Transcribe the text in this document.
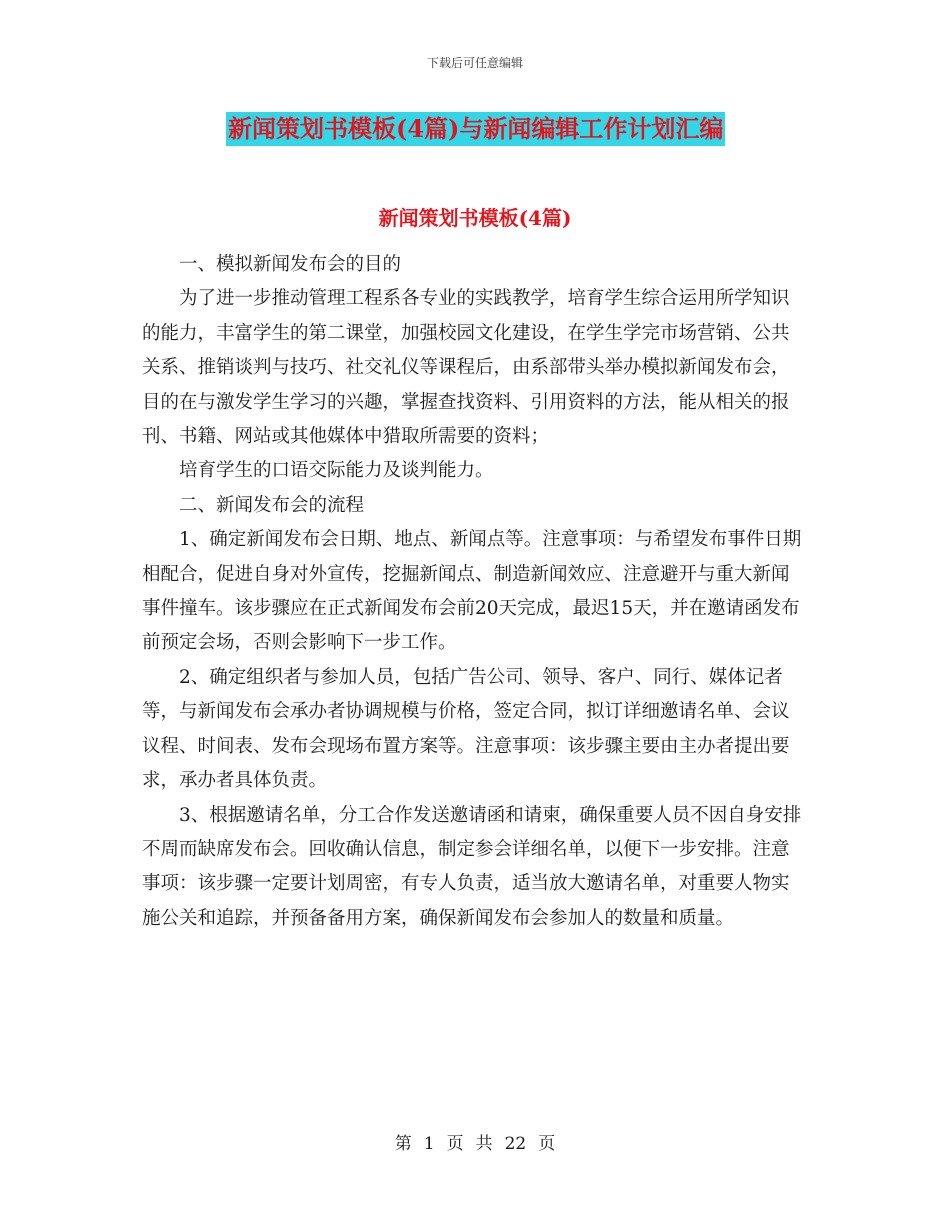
下载后可任意编辑
新闻策划书模板(4篇)与新闻编辑工作计划汇编
新闻策划书模板(4篇)

一、模拟新闻发布会的目的

为了进一步推动管理工程系各专业的实践教学，培育学生综合运用所学知识的能力，丰富学生的第二课堂，加强校园文化建设，在学生学完市场营销、公共关系、推销谈判与技巧、社交礼仪等课程后，由系部带头举办模拟新闻发布会，目的在与激发学生学习的兴趣，掌握查找资料、引用资料的方法，能从相关的报刊、书籍、网站或其他媒体中猎取所需要的资料；

培育学生的口语交际能力及谈判能力。

二、新闻发布会的流程

1、确定新闻发布会日期、地点、新闻点等。注意事项：与希望发布事件日期相配合，促进自身对外宣传，挖掘新闻点、制造新闻效应、注意避开与重大新闻事件撞车。该步骤应在正式新闻发布会前20天完成，最迟15天，并在邀请函发布前预定会场，否则会影响下一步工作。

2、确定组织者与参加人员，包括广告公司、领导、客户、同行、媒体记者等，与新闻发布会承办者协调规模与价格，签定合同，拟订详细邀请名单、会议议程、时间表、发布会现场布置方案等。注意事项：该步骤主要由主办者提出要求，承办者具体负责。

3、根据邀请名单，分工合作发送邀请函和请柬，确保重要人员不因自身安排不周而缺席发布会。回收确认信息，制定参会详细名单，以便下一步安排。注意事项：该步骤一定要计划周密，有专人负责，适当放大邀请名单，对重要人物实施公关和追踪，并预备备用方案，确保新闻发布会参加人的数量和质量。

第 1 页 共 22 页
